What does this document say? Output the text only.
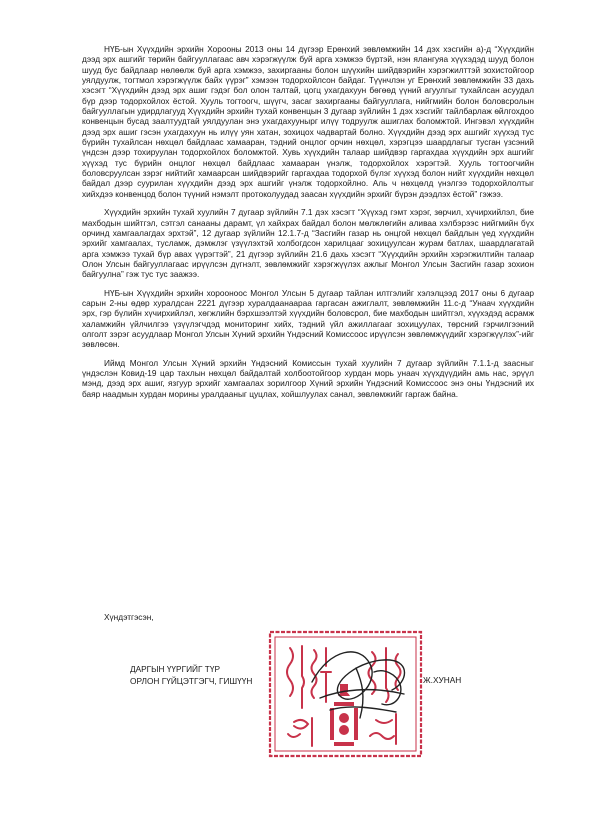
НҮБ-ын Хүүхдийн эрхийн Хорооны 2013 оны 14 дүгээр Ерөнхий зөвлөмжийн 14 дэх хэсгийн а)-д “Хүүхдийн дээд эрх ашгийг төрийн байгууллагаас авч хэрэгжүүлж буй арга хэмжээ бүртэй, нэн ялангуяа хүүхэдэд шууд болон шууд бус байдлаар нөлөөлж буй арга хэмжээ, захиргааны болон шүүхийн шийдвэрийн хэрэгжилттэй зохистойгоор уялдуулж, тогтмол хэрэгжүүлж байх үүрэг” хэмээн тодорхойлсон байдаг. Түүнчлэн уг Ерөнхий зөвлөмжийн 33 дахь хэсэгт “Хүүхдийн дээд эрх ашиг гэдэг бол олон талтай, цогц ухагдахуун бөгөөд үүний агуулгыг тухайлсан асуудал бүр дээр тодорхойлох ёстой. Хууль тогтоогч, шүүгч, засаг захиргааны байгууллага, нийгмийн болон боловсролын байгууллагын удирдлагууд Хүүхдийн эрхийн тухай конвенцын 3 дугаар зүйлийн 1 дэх хэсгийг тайлбарлаж өйлгохдоо конвенцын бусад заалтуудтай уялдуулан энэ ухагдахуунырг илүү тодруулж ашиглах боломжтой. Ингэвэл хүүхдийн дээд эрх ашиг гэсэн ухагдахуун нь илүү уян хатан, зохицох чадвартай болно. Хүүхдийн дээд эрх ашгийг хүүхэд тус бүрийн тухайлсан нөхцөл байдлаас хамааран, тэдний онцлог орчин нөхцөл, хэрэгцээ шаардлагыг тусган үзсэний үндсэн дээр тохируулан тодорхойлох боломжтой. Хувь хүүхдийн талаар шийдвэр гаргахдаа хүүхдийн эрх ашгийг хүүхэд тус бүрийн онцлог нөхцөл байдлаас хамааран үнэлж, тодорхойлох хэрэгтэй. Хууль тогтоогчийн боловсруулсан зэрэг нийтийг хамаарсан шийдвэрийг гаргахдаа тодорхой бүлэг хүүхэд болон нийт хүүхдийн нөхцөл байдал дээр суурилан хүүхдийн дээд эрх ашгийг үнэлж тодорхойлно. Аль ч нөхцөлд үнэлгээ тодорхойлолтыг хийхдээ конвенцод болон түүний нэмэлт протоколуудад заасан хүүхдийн эрхийг бүрэн дээдлэх ёстой” гэжээ.

Хүүхдийн эрхийн тухай хуулийн 7 дугаар зүйлийн 7.1 дэх хэсэгт “Хүүхэд гэмт хэрэг, зөрчил, хүчирхийлэл, бие махбодын шийтгэл, сэтгэл санааны дарамт, үл хайхрах байдал болон мөлжлөгийн аливаа хэлбэрээс нийгмийн бүх орчинд хамгаалагдах эрхтэй”, 12 дугаар зүйлийн 12.1.7-д “Засгийн газар нь онцгой нөхцөл байдлын үед хүүхдийн эрхийг хамгаалах, тусламж, дэмжлэг үзүүлэхтэй холбогдсон харилцааг зохицуулсан журам батлах, шаардлагатай арга хэмжээ тухай бүр авах үүрэгтэй”, 21 дүгээр зүйлийн 21.6 дахь хэсэгт “Хүүхдийн эрхийн хэрэгжилтийн талаар Олон Улсын байгууллагаас ирүүлсэн дүгнэлт, зөвлөмжийг хэрэгжүүлэх ажлыг Монгол Улсын Засгийн газар зохион байгуулна” гэж тус тус заажээ.

НҮБ-ын Хүүхдийн эрхийн хорооноос Монгол Улсын 5 дугаар тайлан илтгэлийг хэлэлцээд 2017 оны 6 дугаар сарын 2-ны өдөр хуралдсан 2221 дүгээр хуралдаанаараа гаргасан ажиглалт, зөвлөмжийн 11.с-д “Унаач хүүхдийн эрх, гэр бүлийн хүчирхийлэл, хөгжлийн бэрхшээлтэй хүүхдийн боловсрол, бие махбодын шийтгэл, хүүхэдэд асрамж халамжийн үйлчилгээ үзүүлэгчдэд мониторинг хийх, тэдний үйл ажиллагааг зохицуулах, төрсний гэрчилгээний олголт зэрэг асуудлаар Монгол Улсын Хүний эрхийн Үндэсний Комиссоос ирүүлсэн зөвлөмжүүдийг хэрэгжүүлэх”-ийг зөвлөсөн.

Иймд Монгол Улсын Хүний эрхийн Үндэсний Комиссын тухай хуулийн 7 дугаар зүйлийн 7.1.1-д заасныг үндэслэн Ковид-19 цар тахлын нөхцөл байдалтай холбоотойгоор хурдан морь унаач хүүхдүүдийн амь нас, эрүүл мэнд, дээд эрх ашиг, язгуур эрхийг хамгаалах зорилгоор Хүний эрхийн Үндэсний Комиссоос энэ оны Үндэсний их баяр наадмын хурдан морины уралдааныг цуцлах, хойшлуулах санал, зөвлөмжийг гаргаж байна.

Хүндэтгэсэн,
ДАРГЫН ҮҮРГИЙГ ТҮР
ОРЛОН ГҮЙЦЭТГЭГЧ, ГИШҮҮН	Ж.ХУНАН
